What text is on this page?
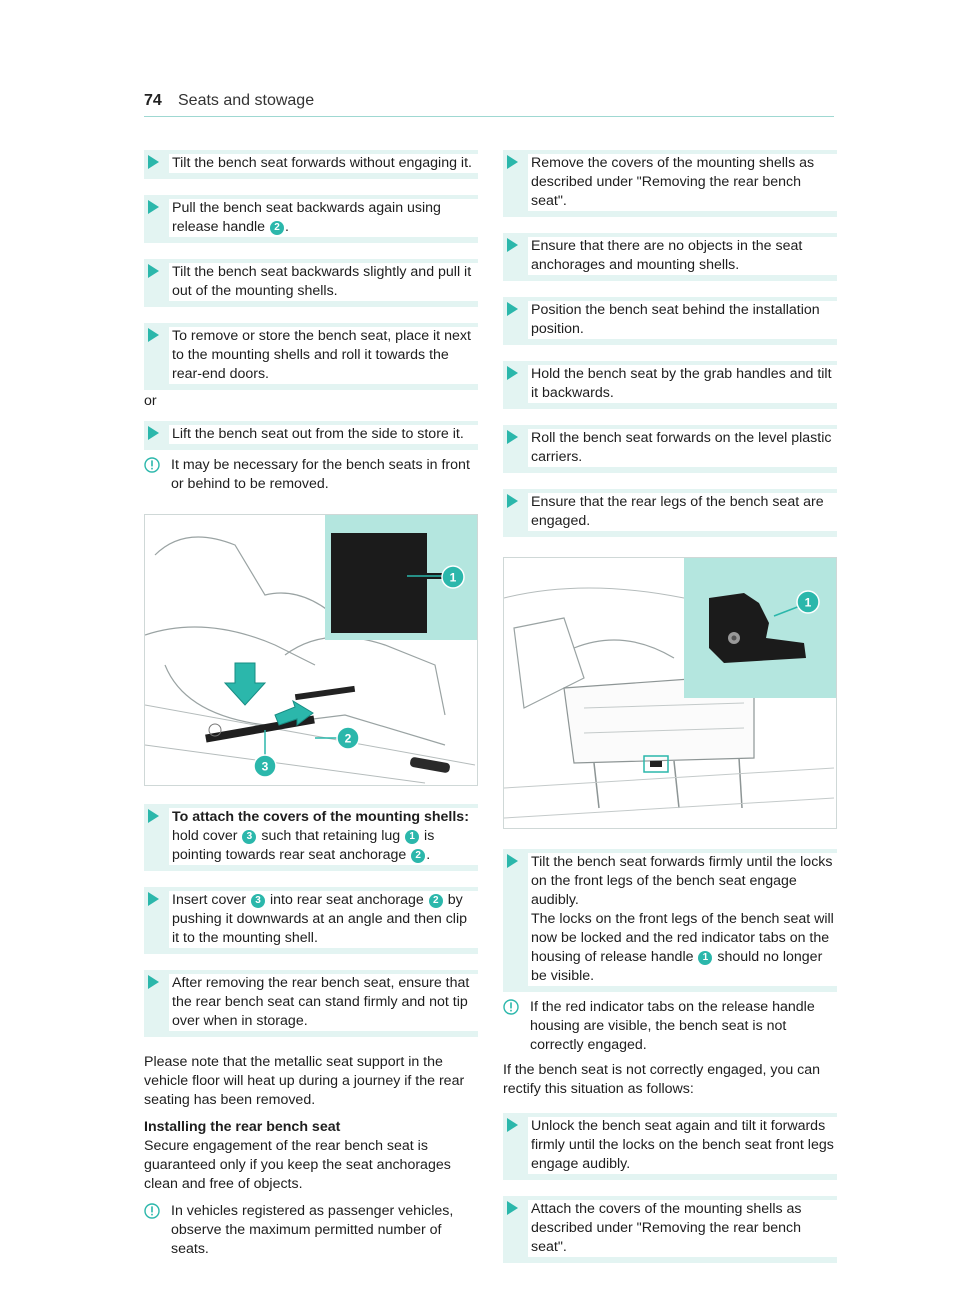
74 Seats and stowage
Tilt the bench seat forwards without engaging it.
Pull the bench seat backwards again using release handle 2 .
Tilt the bench seat backwards slightly and pull it out of the mounting shells.
To remove or store the bench seat, place it next to the mounting shells and roll it towards the rear-end doors.
or
Lift the bench seat out from the side to store it.
It may be necessary for the bench seats in front or behind to be removed.
1
2
3
To attach the covers of the mounting shells: hold cover 3 such that retaining lug 1 is pointing towards rear seat anchorage 2 .
Insert cover 3 into rear seat anchorage 2 by pushing it downwards at an angle and then clip it to the mounting shell.
After removing the rear bench seat, ensure that the rear bench seat can stand firmly and not tip over when in storage.
Please note that the metallic seat support in the vehicle floor will heat up during a journey if the rear seating has been removed.
Installing the rear bench seat
Secure engagement of the rear bench seat is guaranteed only if you keep the seat anchorages clean and free of objects.
In vehicles registered as passenger vehicles, observe the maximum permitted number of seats.
Remove the covers of the mounting shells as described under "Removing the rear bench seat".
Ensure that there are no objects in the seat anchorages and mounting shells.
Position the bench seat behind the installation position.
Hold the bench seat by the grab handles and tilt it backwards.
Roll the bench seat forwards on the level plastic carriers.
Ensure that the rear legs of the bench seat are engaged.
1
Tilt the bench seat forwards firmly until the locks on the front legs of the bench seat engage audibly.
The locks on the front legs of the bench seat will now be locked and the red indicator tabs on the housing of release handle 1 should no longer be visible.
If the red indicator tabs on the release handle housing are visible, the bench seat is not correctly engaged.
If the bench seat is not correctly engaged, you can rectify this situation as follows:
Unlock the bench seat again and tilt it forwards firmly until the locks on the bench seat front legs engage audibly.
Attach the covers of the mounting shells as described under "Removing the rear bench seat".
